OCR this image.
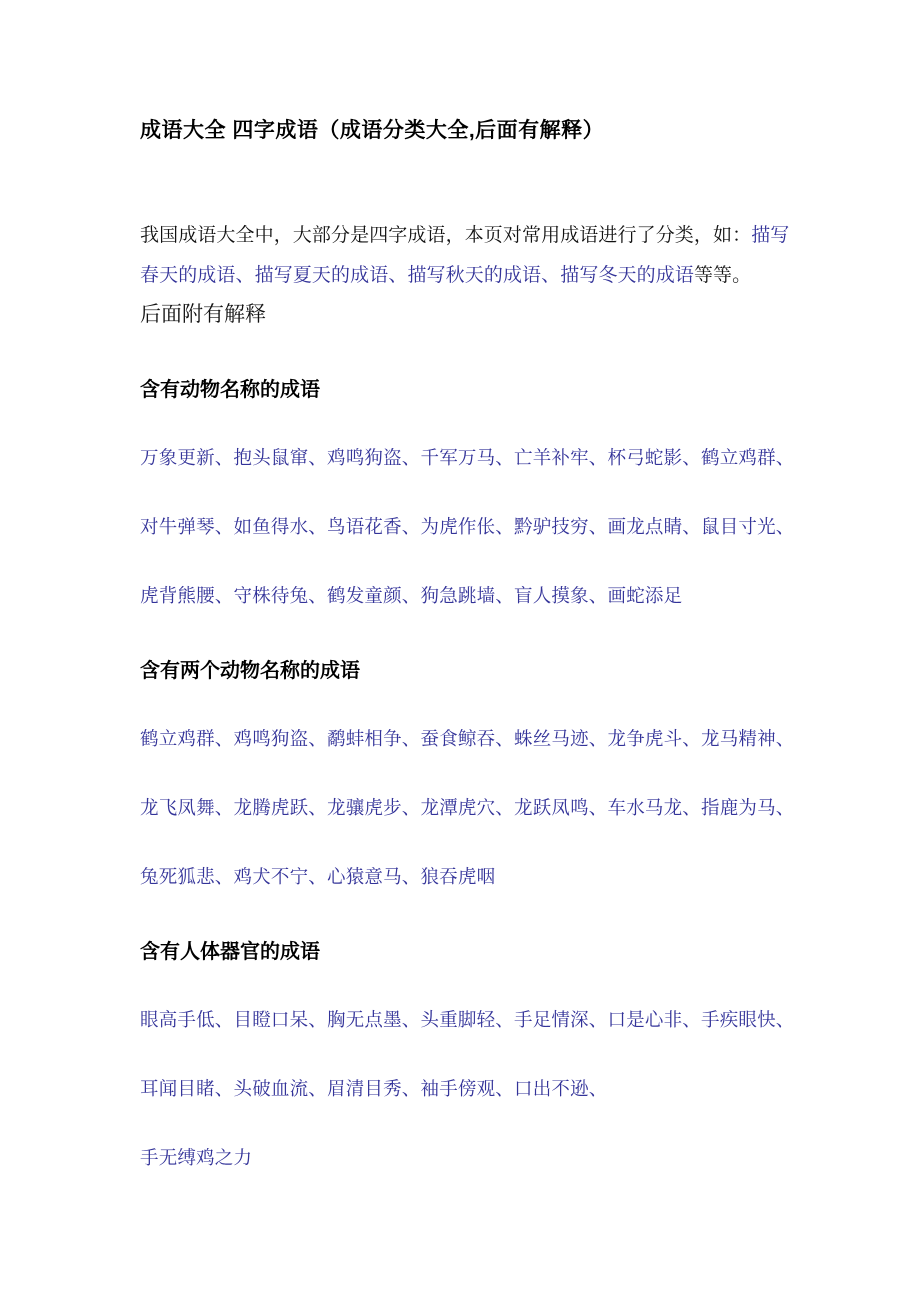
成语大全 四字成语（成语分类大全,后面有解释）

我国成语大全中，大部分是四字成语，本页对常用成语进行了分类，如：描写春天的成语、描写夏天的成语、描写秋天的成语、描写冬天的成语等等。

后面附有解释

含有动物名称的成语

万象更新、抱头鼠窜、鸡鸣狗盗、千军万马、亡羊补牢、杯弓蛇影、鹤立鸡群、

对牛弹琴、如鱼得水、鸟语花香、为虎作伥、黔驴技穷、画龙点睛、鼠目寸光、

虎背熊腰、守株待兔、鹤发童颜、狗急跳墙、盲人摸象、画蛇添足

含有两个动物名称的成语

鹤立鸡群、鸡鸣狗盗、鹬蚌相争、蚕食鲸吞、蛛丝马迹、龙争虎斗、龙马精神、

龙飞凤舞、龙腾虎跃、龙骧虎步、龙潭虎穴、龙跃凤鸣、车水马龙、指鹿为马、

兔死狐悲、鸡犬不宁、心猿意马、狼吞虎咽

含有人体器官的成语

眼高手低、目瞪口呆、胸无点墨、头重脚轻、手足情深、口是心非、手疾眼快、

耳闻目睹、头破血流、眉清目秀、袖手傍观、口出不逊、

手无缚鸡之力
